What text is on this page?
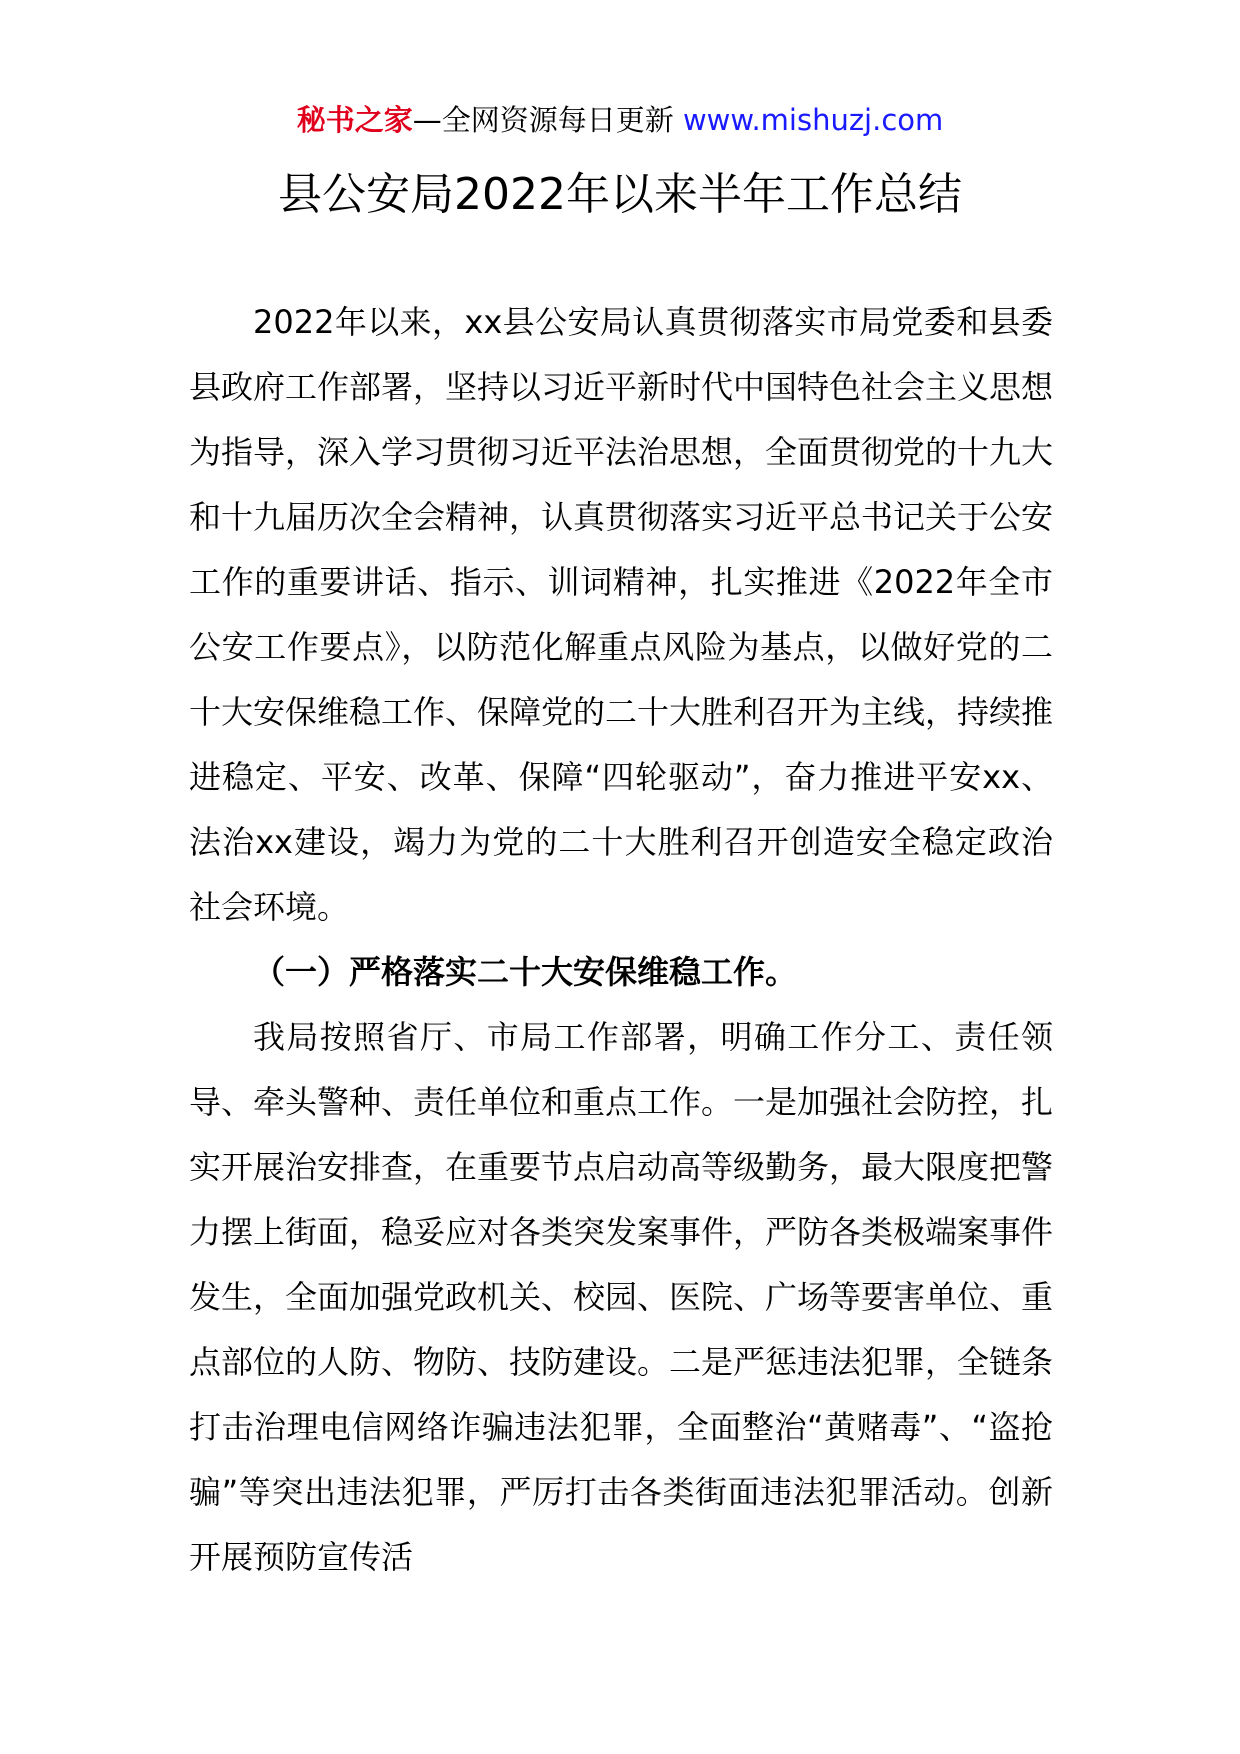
秘书之家—全网资源每日更新 www.mishuzj.com
县公安局2022年以来半年工作总结

2022年以来，xx县公安局认真贯彻落实市局党委和县委县政府工作部署，坚持以习近平新时代中国特色社会主义思想为指导，深入学习贯彻习近平法治思想，全面贯彻党的十九大和十九届历次全会精神，认真贯彻落实习近平总书记关于公安工作的重要讲话、指示、训词精神，扎实推进《2022年全市公安工作要点》，以防范化解重点风险为基点，以做好党的二十大安保维稳工作、保障党的二十大胜利召开为主线，持续推进稳定、平安、改革、保障“四轮驱动”，奋力推进平安xx、法治xx建设，竭力为党的二十大胜利召开创造安全稳定政治社会环境。

（一）严格落实二十大安保维稳工作。

我局按照省厅、市局工作部署，明确工作分工、责任领导、牵头警种、责任单位和重点工作。一是加强社会防控，扎实开展治安排查，在重要节点启动高等级勤务，最大限度把警力摆上街面，稳妥应对各类突发案事件，严防各类极端案事件发生，全面加强党政机关、校园、医院、广场等要害单位、重点部位的人防、物防、技防建设。二是严惩违法犯罪，全链条打击治理电信网络诈骗违法犯罪，全面整治“黄赌毒”、“盗抢骗”等突出违法犯罪，严厉打击各类街面违法犯罪活动。创新开展预防宣传活
